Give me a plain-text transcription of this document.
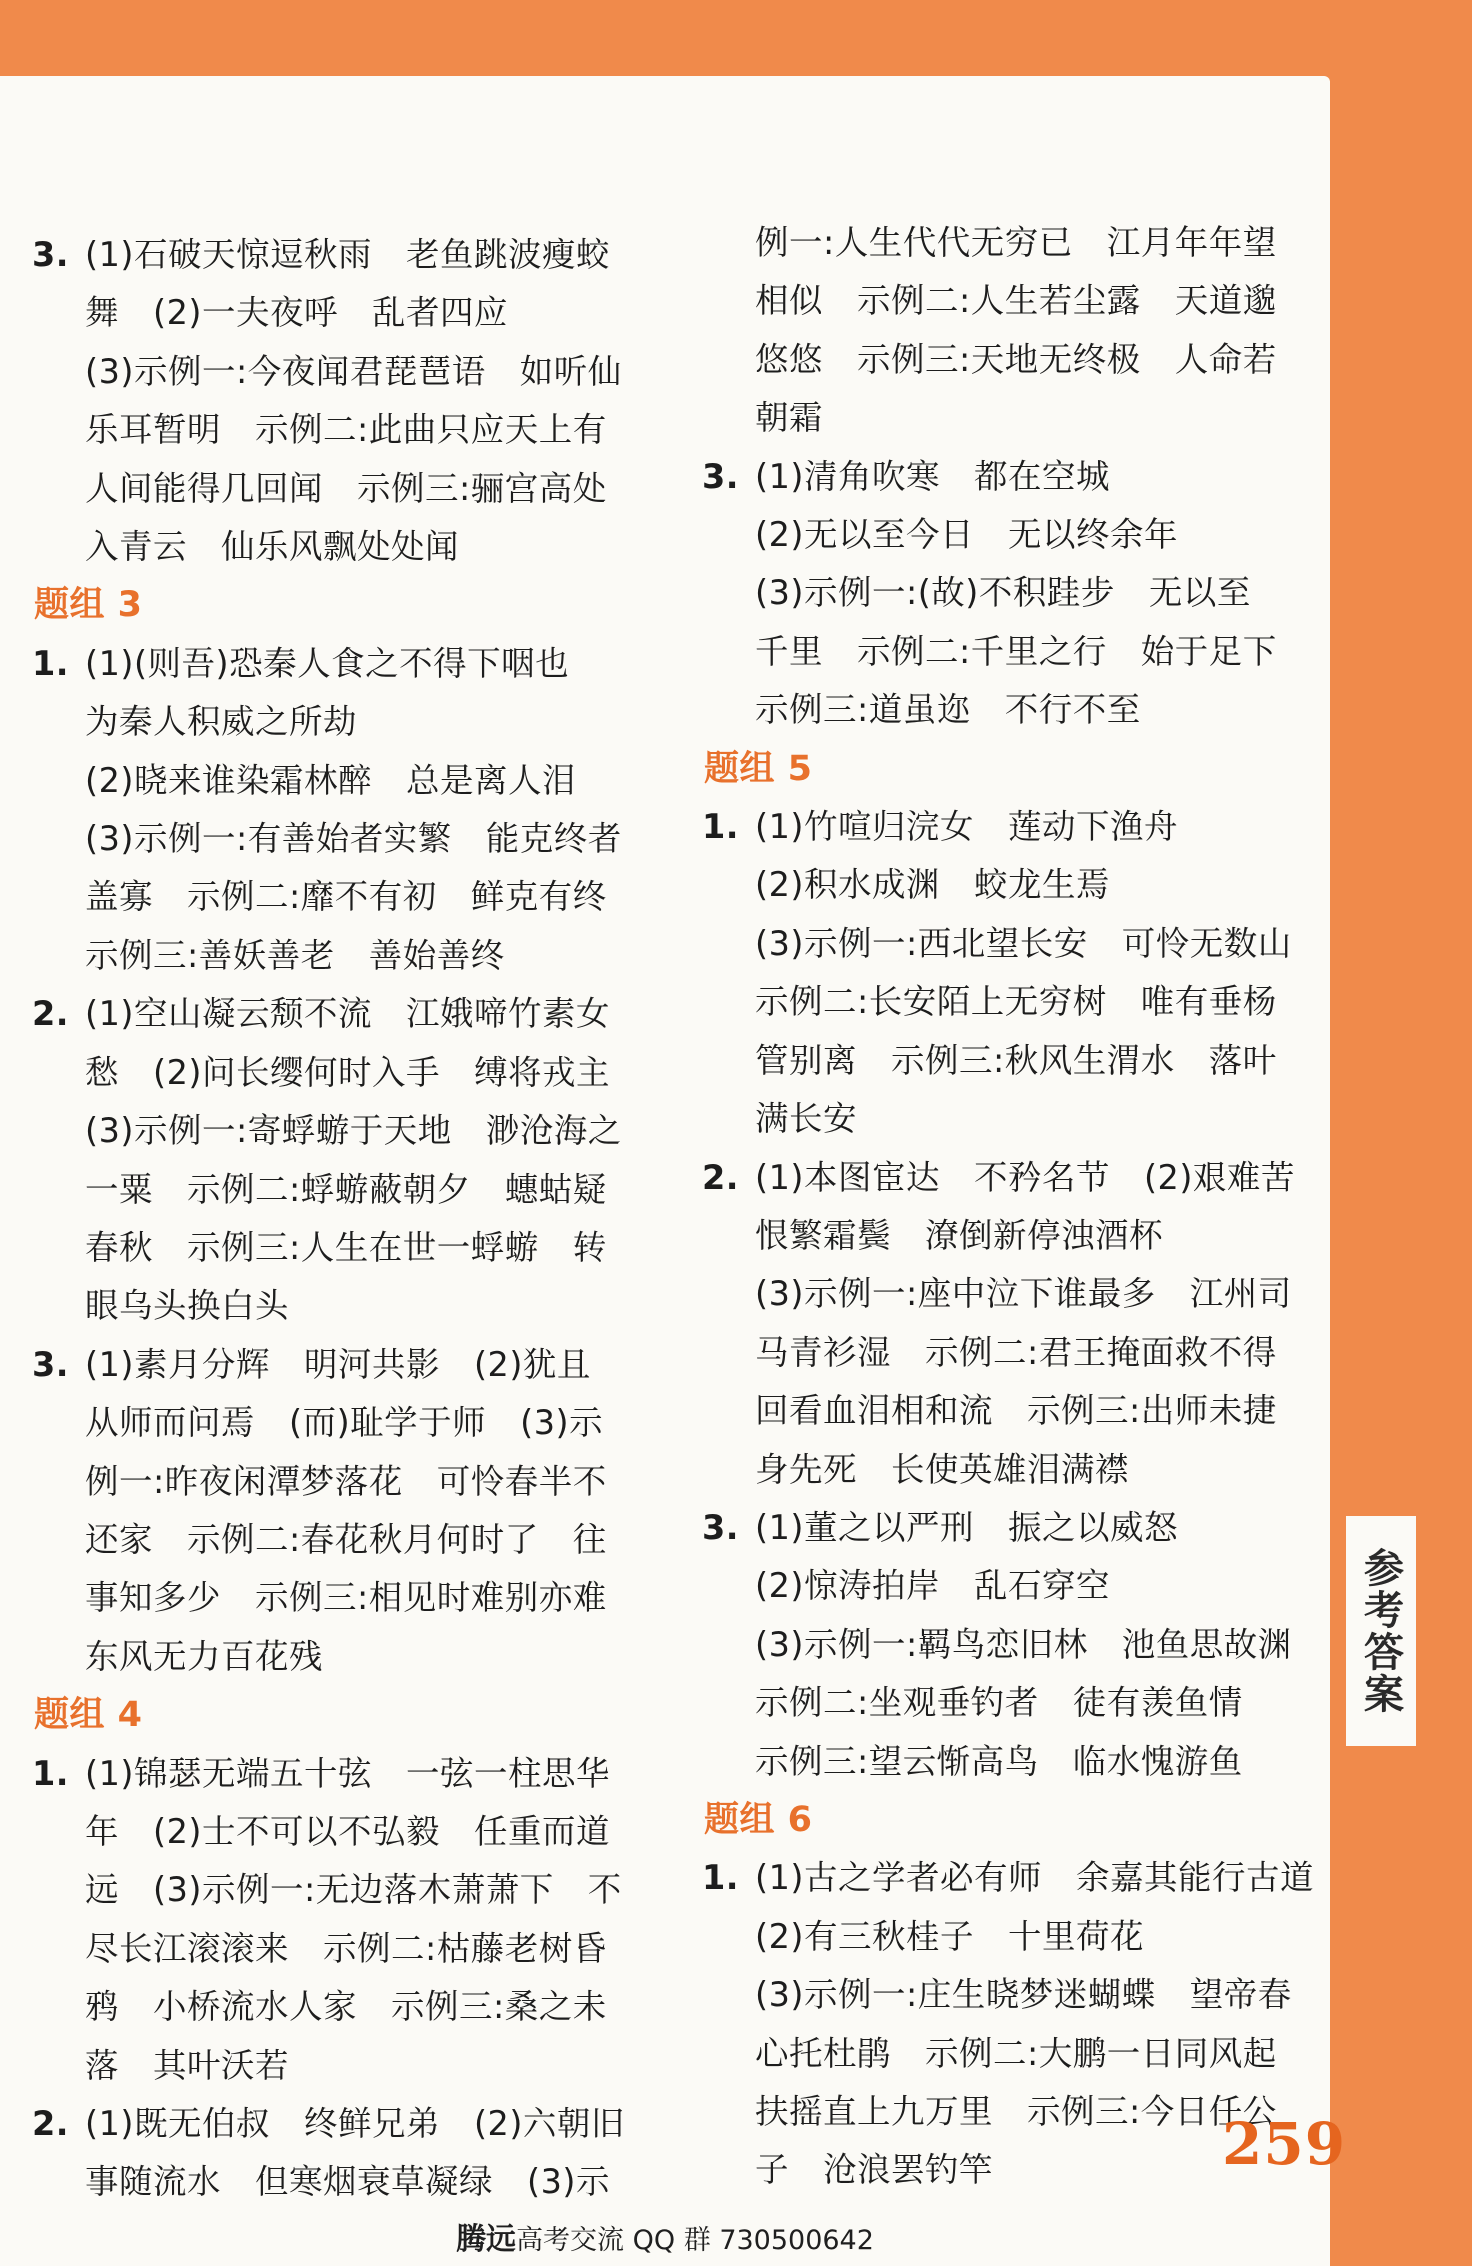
3. (1)石破天惊逗秋雨　老鱼跳波瘦蛟
舞　(2)一夫夜呼　乱者四应
(3)示例一:今夜闻君琵琶语　如听仙
乐耳暂明　示例二:此曲只应天上有
人间能得几回闻　示例三:骊宫高处
入青云　仙乐风飘处处闻
题组 3
1. (1)(则吾)恐秦人食之不得下咽也
为秦人积威之所劫
(2)晓来谁染霜林醉　总是离人泪
(3)示例一:有善始者实繁　能克终者
盖寡　示例二:靡不有初　鲜克有终
示例三:善妖善老　善始善终
2. (1)空山凝云颓不流　江娥啼竹素女
愁　(2)问长缨何时入手　缚将戎主
(3)示例一:寄蜉蝣于天地　渺沧海之
一粟　示例二:蜉蝣蔽朝夕　蟪蛄疑
春秋　示例三:人生在世一蜉蝣　转
眼乌头换白头
3. (1)素月分辉　明河共影　(2)犹且
从师而问焉　(而)耻学于师　(3)示
例一:昨夜闲潭梦落花　可怜春半不
还家　示例二:春花秋月何时了　往
事知多少　示例三:相见时难别亦难
东风无力百花残
题组 4
1. (1)锦瑟无端五十弦　一弦一柱思华
年　(2)士不可以不弘毅　任重而道
远　(3)示例一:无边落木萧萧下　不
尽长江滚滚来　示例二:枯藤老树昏
鸦　小桥流水人家　示例三:桑之未
落　其叶沃若
2. (1)既无伯叔　终鲜兄弟　(2)六朝旧
事随流水　但寒烟衰草凝绿　(3)示
例一:人生代代无穷已　江月年年望
相似　示例二:人生若尘露　天道邈
悠悠　示例三:天地无终极　人命若
朝霜
3. (1)清角吹寒　都在空城
(2)无以至今日　无以终余年
(3)示例一:(故)不积跬步　无以至
千里　示例二:千里之行　始于足下
示例三:道虽迩　不行不至
题组 5
1. (1)竹喧归浣女　莲动下渔舟
(2)积水成渊　蛟龙生焉
(3)示例一:西北望长安　可怜无数山
示例二:长安陌上无穷树　唯有垂杨
管别离　示例三:秋风生渭水　落叶
满长安
2. (1)本图宦达　不矜名节　(2)艰难苦
恨繁霜鬓　潦倒新停浊酒杯
(3)示例一:座中泣下谁最多　江州司
马青衫湿　示例二:君王掩面救不得
回看血泪相和流　示例三:出师未捷
身先死　长使英雄泪满襟
3. (1)董之以严刑　振之以威怒
(2)惊涛拍岸　乱石穿空
(3)示例一:羁鸟恋旧林　池鱼思故渊
示例二:坐观垂钓者　徒有羡鱼情
示例三:望云惭高鸟　临水愧游鱼
题组 6
1. (1)古之学者必有师　余嘉其能行古道
(2)有三秋桂子　十里荷花
(3)示例一:庄生晓梦迷蝴蝶　望帝春
心托杜鹃　示例二:大鹏一日同风起
扶摇直上九万里　示例三:今日任公
子　沧浪罢钓竿
腾远高考交流 QQ 群 730500642
参考答案
259
